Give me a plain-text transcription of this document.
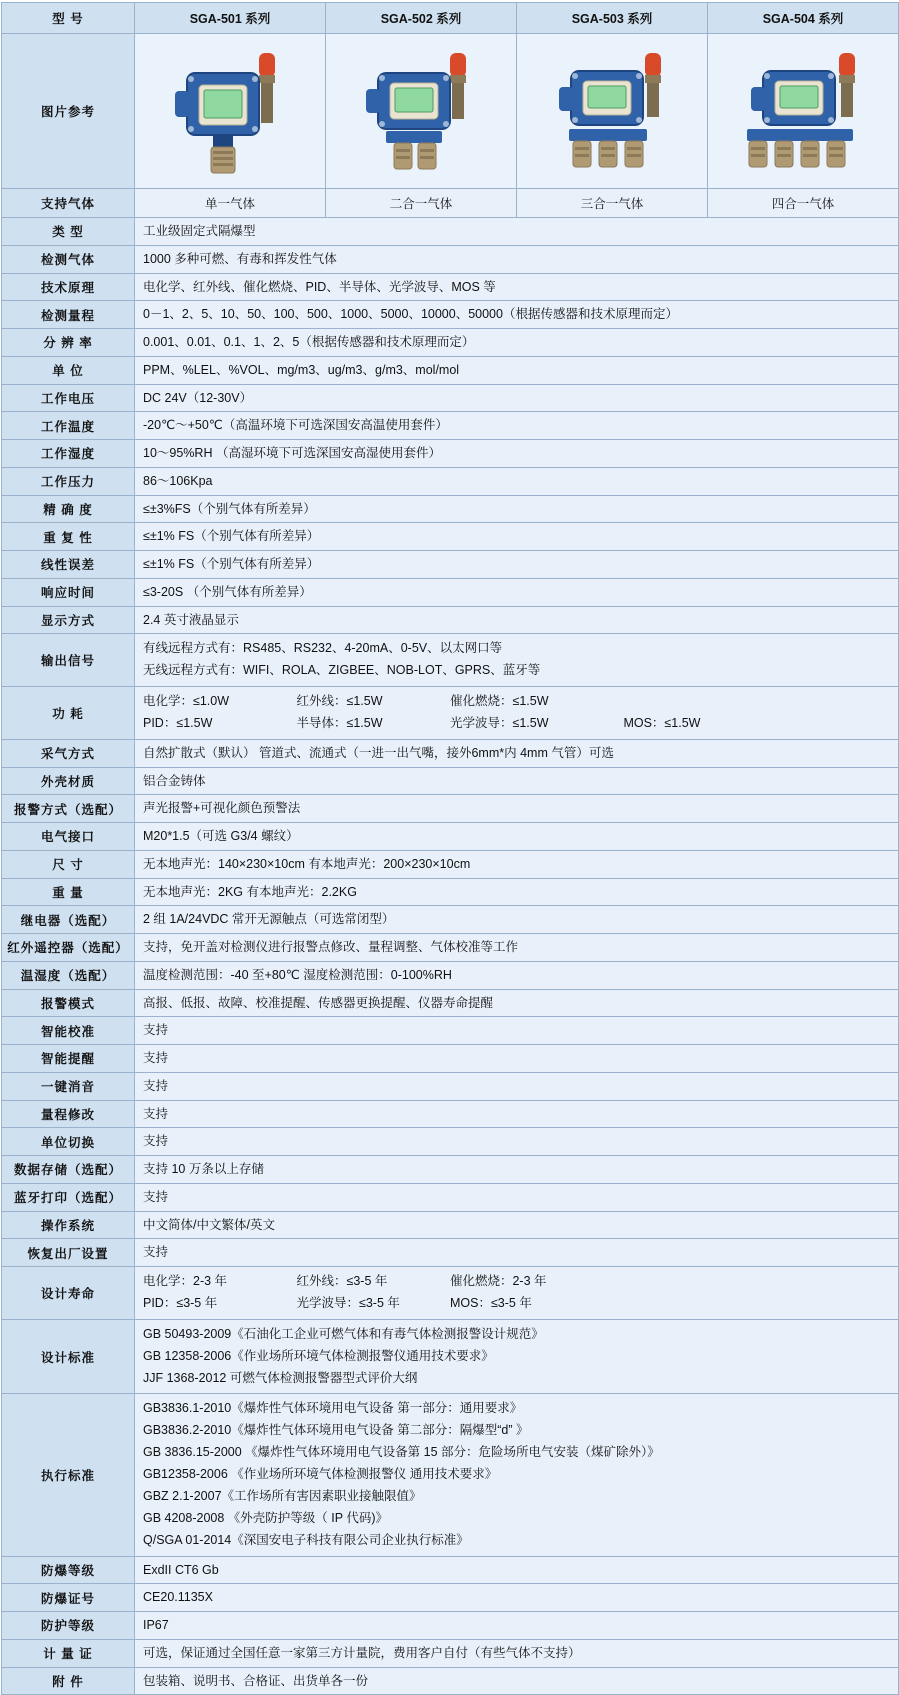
型 号	SGA-501 系列	SGA-502 系列	SGA-503 系列	SGA-504 系列
图片参考	

支持气体	单一气体	二合一气体	三合一气体	四合一气体
类 型	工业级固定式隔爆型			
检测气体	1000 多种可燃、有毒和挥发性气体			
技术原理	电化学、红外线、催化燃烧、PID、半导体、光学波导、MOS 等			
检测量程	0－1、2、5、10、50、100、500、1000、5000、10000、50000（根据传感器和技术原理而定）			
分 辨 率	0.001、0.01、0.1、1、2、5（根据传感器和技术原理而定）			
单 位	PPM、%LEL、%VOL、mg/m3、ug/m3、g/m3、mol/mol			
工作电压	DC 24V（12-30V）			
工作温度	-20℃～+50℃（高温环境下可选深国安高温使用套件）			
工作湿度	10～95%RH （高湿环境下可选深国安高湿使用套件）			
工作压力	86～106Kpa			
精 确 度	≤±3%FS（个别气体有所差异）			
重 复 性	≤±1% FS（个别气体有所差异）			
线性误差	≤±1% FS（个别气体有所差异）			
响应时间	≤3-20S （个别气体有所差异）			
显示方式	2.4 英寸液晶显示			
输出信号	有线远程方式有：RS485、RS232、4-20mA、0-5V、以太网口等
无线远程方式有：WIFI、ROLA、ZIGBEE、NOB-LOT、GPRS、蓝牙等			

功 耗	电化学：≤1.0W 红外线：≤1.5W 催化燃烧：≤1.5W
PID：≤1.5W 半导体：≤1.5W 光学波导：≤1.5W MOS：≤1.5W			

采气方式	自然扩散式（默认） 管道式、流通式（一进一出气嘴，接外6mm*内 4mm 气管）可选			
外壳材质	铝合金铸体			
报警方式（选配）	声光报警+可视化颜色预警法			
电气接口	M20*1.5（可选 G3/4 螺纹）			
尺 寸	无本地声光：140×230×10cm 有本地声光：200×230×10cm			
重 量	无本地声光：2KG 有本地声光：2.2KG			
继电器（选配）	2 组 1A/24VDC 常开无源触点（可选常闭型）			
红外遥控器（选配）	支持，免开盖对检测仪进行报警点修改、量程调整、气体校准等工作			
温湿度（选配）	温度检测范围：-40 至+80℃ 湿度检测范围：0-100%RH			
报警模式	高报、低报、故障、校准提醒、传感器更换提醒、仪器寿命提醒			
智能校准	支持			
智能提醒	支持			
一键消音	支持			
量程修改	支持			
单位切换	支持			
数据存储（选配）	支持 10 万条以上存储			
蓝牙打印（选配）	支持			
操作系统	中文简体/中文繁体/英文			
恢复出厂设置	支持			
设计寿命	电化学：2-3 年 红外线：≤3-5 年 催化燃烧：2-3 年
PID：≤3-5 年 光学波导：≤3-5 年 MOS：≤3-5 年			

设计标准	GB 50493-2009《石油化工企业可燃气体和有毒气体检测报警设计规范》
GB 12358-2006《作业场所环境气体检测报警仪通用技术要求》
JJF 1368-2012 可燃气体检测报警器型式评价大纲			

执行标准	
GB3836.1-2010《爆炸性气体环境用电气设备 第一部分：通用要求》
GB3836.2-2010《爆炸性气体环境用电气设备 第二部分：隔爆型“d” 》
GB 3836.15-2000 《爆炸性气体环境用电气设备第 15 部分：危险场所电气安装（煤矿除外）》
GB12358-2006 《作业场所环境气体检测报警仪 通用技术要求》
GBZ 2.1-2007《工作场所有害因素职业接触限值》
GB 4208-2008 《外壳防护等级（ IP 代码)》
Q/SGA 01-2014《深国安电子科技有限公司企业执行标准》

防爆等级	ExdII CT6 Gb			
防爆证号	CE20.1135X			
防护等级	IP67			
计 量 证	可选，保证通过全国任意一家第三方计量院，费用客户自付（有些气体不支持）			
附 件	包装箱、说明书、合格证、出货单各一份			
